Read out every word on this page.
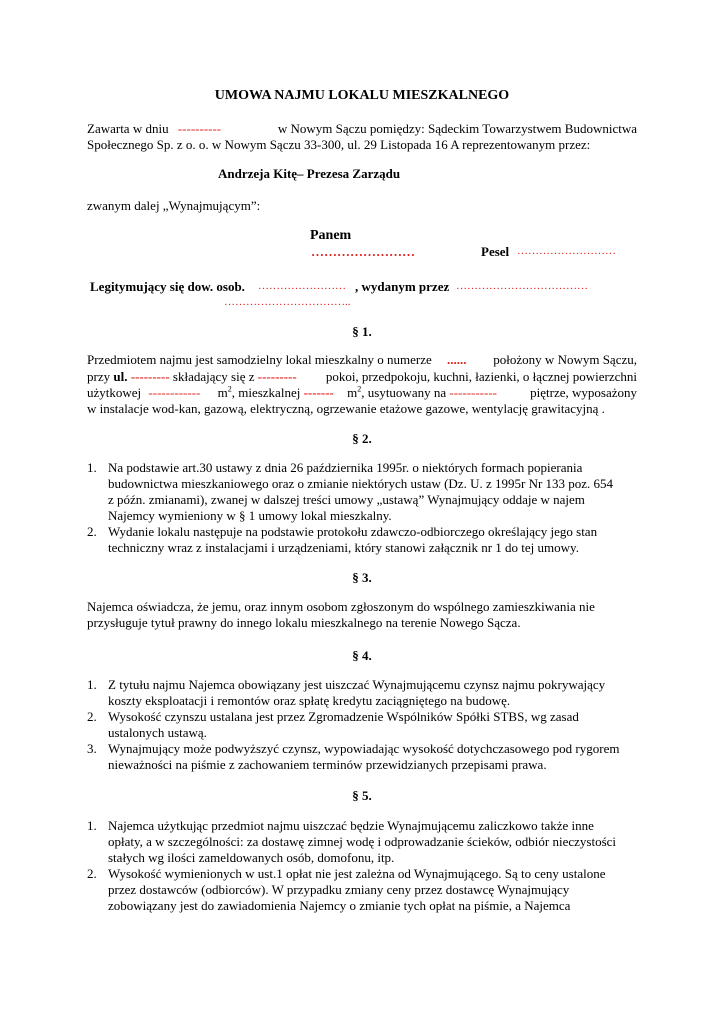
UMOWA NAJMU LOKALU MIESZKALNEGO
Zawarta w dniu ----------	w Nowym Sączu pomiędzy: Sądeckim Towarzystwem Budownictwa
Społecznego Sp. z o. o. w Nowym Sączu 33-300, ul. 29 Listopada 16 A reprezentowanym przez:
Andrzeja Kitę– Prezesa Zarządu
zwanym dalej „Wynajmującym”:
Panem
……………………	Pesel ………………………
Legitymujący się dow. osob. …………………… , wydanym przez ………………………………
……………………………..
§ 1.
Przedmiotem najmu jest samodzielny lokal mieszkalny o numerze ...... położony w Nowym Sączu,
przy ul. --------- składający się z --------- pokoi, przedpokoju, kuchni, łazienki, o łącznej powierzchni
użytkowej ------------ $m^2$, mieszkalnej ------- $m^2$, usytuowany na -----------	piętrze, wyposażony
w instalacje wod-kan, gazową, elektryczną, ogrzewanie etażowe gazowe, wentylację grawitacyjną .
§ 2.
1. Na podstawie art.30 ustawy z dnia 26 października 1995r. o niektórych formach popierania
budownictwa mieszkaniowego oraz o zmianie niektórych ustaw (Dz. U. z 1995r Nr 133 poz. 654
z późn. zmianami), zwanej w dalszej treści umowy „ustawą” Wynajmujący oddaje w najem
Najemcy wymieniony w § 1 umowy lokal mieszkalny.
2. Wydanie lokalu następuje na podstawie protokołu zdawczo-odbiorczego określający jego stan
techniczny wraz z instalacjami i urządzeniami, który stanowi załącznik nr 1 do tej umowy.
§ 3.
Najemca oświadcza, że jemu, oraz innym osobom zgłoszonym do wspólnego zamieszkiwania nie
przysługuje tytuł prawny do innego lokalu mieszkalnego na terenie Nowego Sącza.
§ 4.
1. Z tytułu najmu Najemca obowiązany jest uiszczać Wynajmującemu czynsz najmu pokrywający
koszty eksploatacji i remontów oraz spłatę kredytu zaciągniętego na budowę.
2. Wysokość czynszu ustalana jest przez Zgromadzenie Wspólników Spółki STBS, wg zasad
ustalonych ustawą.
3. Wynajmujący może podwyższyć czynsz, wypowiadając wysokość dotychczasowego pod rygorem
nieważności na piśmie z zachowaniem terminów przewidzianych przepisami prawa.
§ 5.
1. Najemca użytkując przedmiot najmu uiszczać będzie Wynajmującemu zaliczkowo także inne
opłaty, a w szczególności: za dostawę zimnej wodę i odprowadzanie ścieków, odbiór nieczystości
stałych wg ilości zameldowanych osób, domofonu, itp.
2. Wysokość wymienionych w ust.1 opłat nie jest zależna od Wynajmującego. Są to ceny ustalone
przez dostawców (odbiorców). W przypadku zmiany ceny przez dostawcę Wynajmujący
zobowiązany jest do zawiadomienia Najemcy o zmianie tych opłat na piśmie, a Najemca
